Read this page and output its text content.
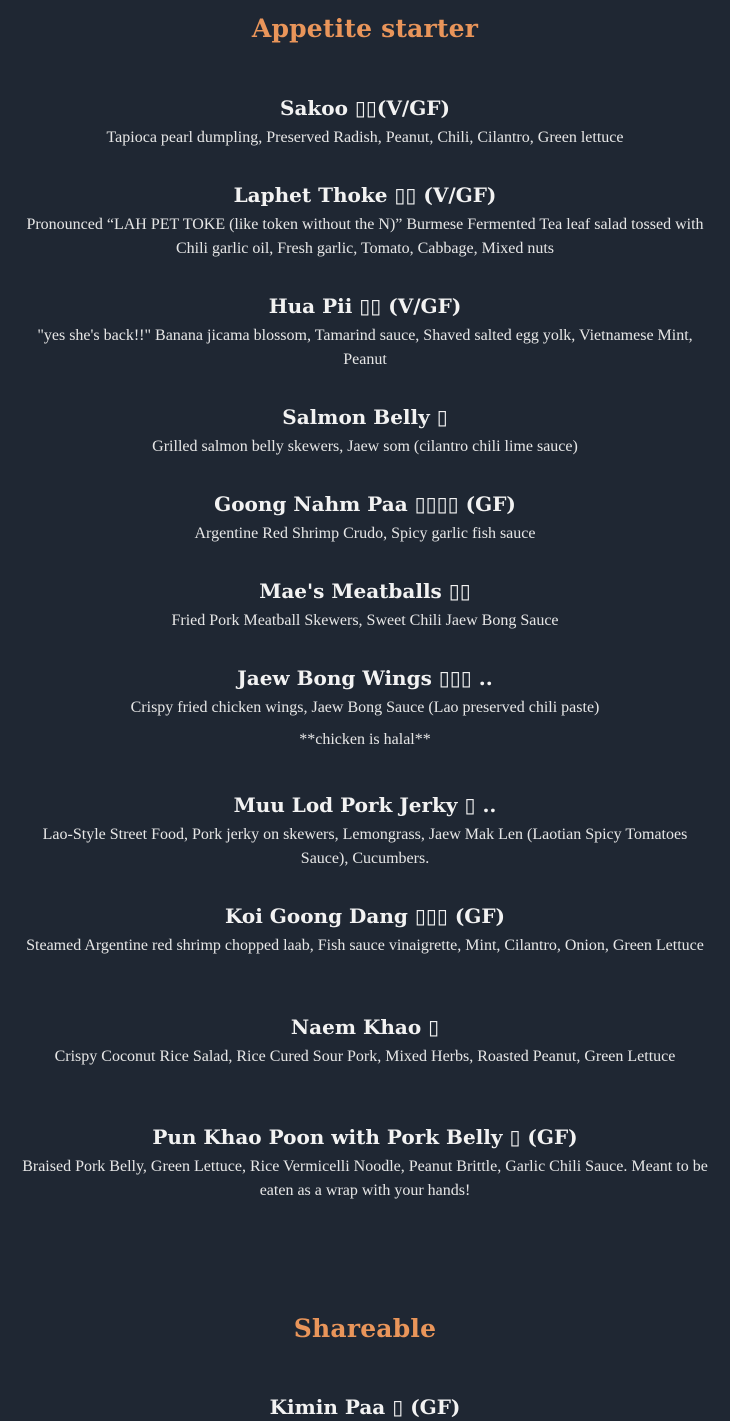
Appetite starter
Sakoo ▯▯(V/GF)
Tapioca pearl dumpling, Preserved Radish, Peanut, Chili, Cilantro, Green lettuce
Laphet Thoke ▯▯ (V/GF)
Pronounced “LAH PET TOKE (like token without the N)” Burmese Fermented Tea leaf salad tossed with Chili garlic oil, Fresh garlic, Tomato, Cabbage, Mixed nuts
Hua Pii ▯▯ (V/GF)
"yes she's back!!" Banana jicama blossom, Tamarind sauce, Shaved salted egg yolk, Vietnamese Mint, Peanut
Salmon Belly ▯
Grilled salmon belly skewers, Jaew som (cilantro chili lime sauce)
Goong Nahm Paa ▯▯▯▯ (GF)
Argentine Red Shrimp Crudo, Spicy garlic fish sauce
Mae's Meatballs ▯▯
Fried Pork Meatball Skewers, Sweet Chili Jaew Bong Sauce
Jaew Bong Wings ▯▯▯ ..
Crispy fried chicken wings, Jaew Bong Sauce (Lao preserved chili paste)
**chicken is halal**
Muu Lod Pork Jerky ▯ ..
Lao-Style Street Food, Pork jerky on skewers, Lemongrass, Jaew Mak Len (Laotian Spicy Tomatoes Sauce), Cucumbers.
Koi Goong Dang ▯▯▯ (GF)
Steamed Argentine red shrimp chopped laab, Fish sauce vinaigrette, Mint, Cilantro, Onion, Green Lettuce
Naem Khao ▯
Crispy Coconut Rice Salad, Rice Cured Sour Pork, Mixed Herbs, Roasted Peanut, Green Lettuce
Pun Khao Poon with Pork Belly ▯ (GF)
Braised Pork Belly, Green Lettuce, Rice Vermicelli Noodle, Peanut Brittle, Garlic Chili Sauce. Meant to be eaten as a wrap with your hands!
Shareable
Kimin Paa ▯ (GF)
